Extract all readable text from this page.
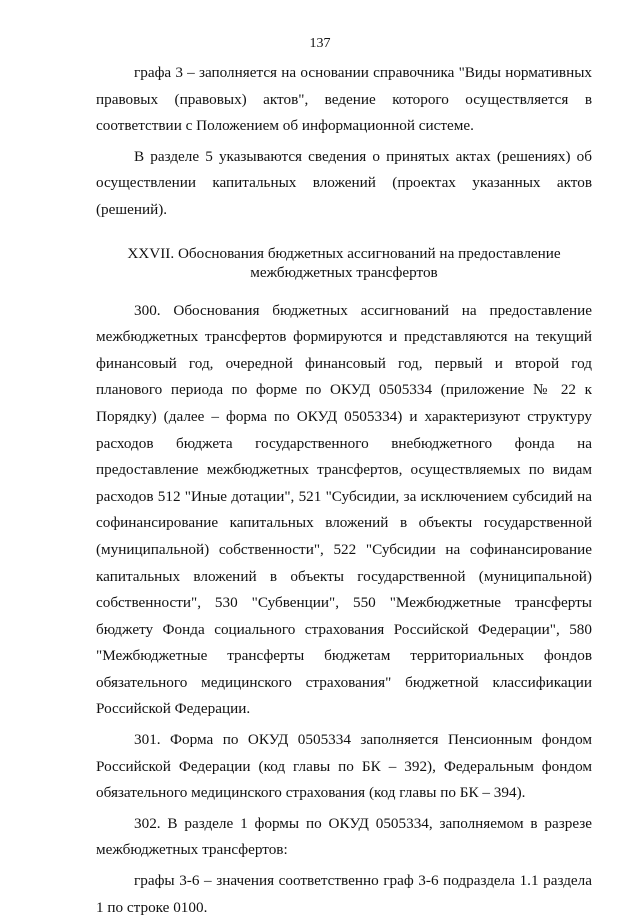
137

графа 3 – заполняется на основании справочника "Виды нормативных правовых (правовых) актов", ведение которого осуществляется в соответствии с Положением об информационной системе.

В разделе 5 указываются сведения о принятых актах (решениях) об осуществлении капитальных вложений (проектах указанных актов (решений).

XXVII. Обоснования бюджетных ассигнований на предоставление

межбюджетных трансфертов

300. Обоснования бюджетных ассигнований на предоставление межбюджетных трансфертов формируются и представляются на текущий финансовый год, очередной финансовый год, первый и второй год планового периода по форме по ОКУД 0505334 (приложение № 22 к Порядку) (далее – форма по ОКУД 0505334) и характеризуют структуру расходов бюджета государственного внебюджетного фонда на предоставление межбюджетных трансфертов, осуществляемых по видам расходов 512 "Иные дотации", 521 "Субсидии, за исключением субсидий на софинансирование капитальных вложений в объекты государственной (муниципальной) собственности", 522 "Субсидии на софинансирование капитальных вложений в объекты государственной (муниципальной) собственности", 530 "Субвенции", 550 "Межбюджетные трансферты бюджету Фонда социального страхования Российской Федерации", 580 "Межбюджетные трансферты бюджетам территориальных фондов обязательного медицинского страхования" бюджетной классификации Российской Федерации.

301. Форма по ОКУД 0505334 заполняется Пенсионным фондом Российской Федерации (код главы по БК – 392), Федеральным фондом обязательного медицинского страхования (код главы по БК – 394).

302. В разделе 1 формы по ОКУД 0505334, заполняемом в разрезе межбюджетных трансфертов:

графы 3-6 – значения соответственно граф 3-6 подраздела 1.1 раздела 1 по строке 0100.
